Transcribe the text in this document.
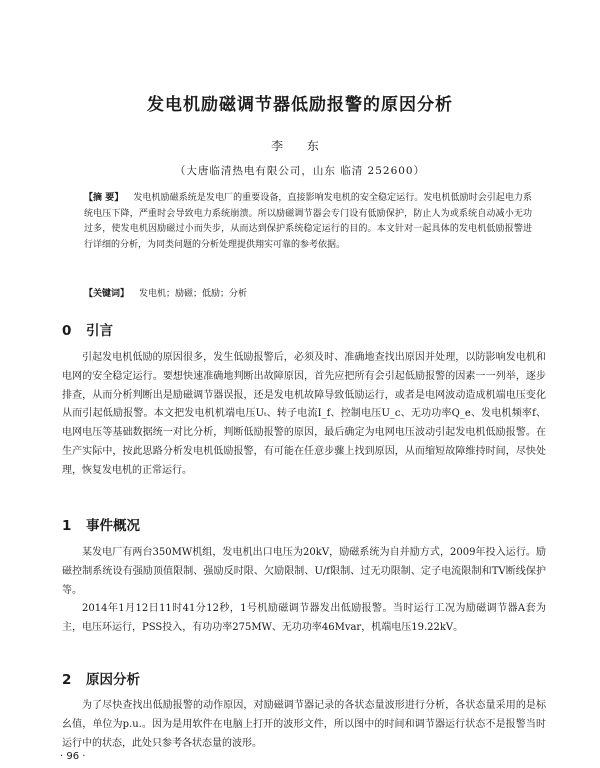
发电机励磁调节器低励报警的原因分析
李 东
（大唐临清热电有限公司，山东 临清 252600）
【摘 要】 发电机励磁系统是发电厂的重要设备，直接影响发电机的安全稳定运行。发电机低励时会引起电力系统电压下降，严重时会导致电力系统崩溃。所以励磁调节器会专门设有低励保护，防止人为或系统自动减小无功过多，使发电机因励磁过小而失步，从而达到保护系统稳定运行的目的。本文针对一起具体的发电机低励报警进行详细的分析，为同类问题的分析处理提供翔实可靠的参考依据。
【关键词】 发电机；励磁；低励；分析
0 引言
引起发电机低励的原因很多，发生低励报警后，必须及时、准确地查找出原因并处理，以防影响发电机和电网的安全稳定运行。要想快速准确地判断出故障原因，首先应把所有会引起低励报警的因素一一列举，逐步排查，从而分析判断出是励磁调节器误报，还是发电机故障导致低励运行，或者是电网波动造成机端电压变化从而引起低励报警。本文把发电机机端电压Uₜ、转子电流I_f、控制电压U_c、无功功率Q_e、发电机频率f、电网电压等基础数据统一对比分析，判断低励报警的原因，最后确定为电网电压波动引起发电机低励报警。在生产实际中，按此思路分析发电机低励报警，有可能在任意步骤上找到原因，从而缩短故障维持时间，尽快处理，恢复发电机的正常运行。
1 事件概况
某发电厂有两台350MW机组，发电机出口电压为20kV，励磁系统为自并励方式，2009年投入运行。励磁控制系统设有强励顶值限制、强励反时限、欠励限制、U/f限制、过无功限制、定子电流限制和TV断线保护等。
2014年1月12日11时41分12秒，1号机励磁调节器发出低励报警。当时运行工况为励磁调节器A套为主，电压环运行，PSS投入，有功功率275MW、无功功率46Mvar，机端电压19.22kV。
2 原因分析
为了尽快查找出低励报警的动作原因，对励磁调节器记录的各状态量波形进行分析，各状态量采用的是标幺值，单位为p.u.。因为是用软件在电脑上打开的波形文件，所以图中的时间和调节器运行状态不是报警当时运行中的状态，此处只参考各状态量的波形。
· 96 ·
